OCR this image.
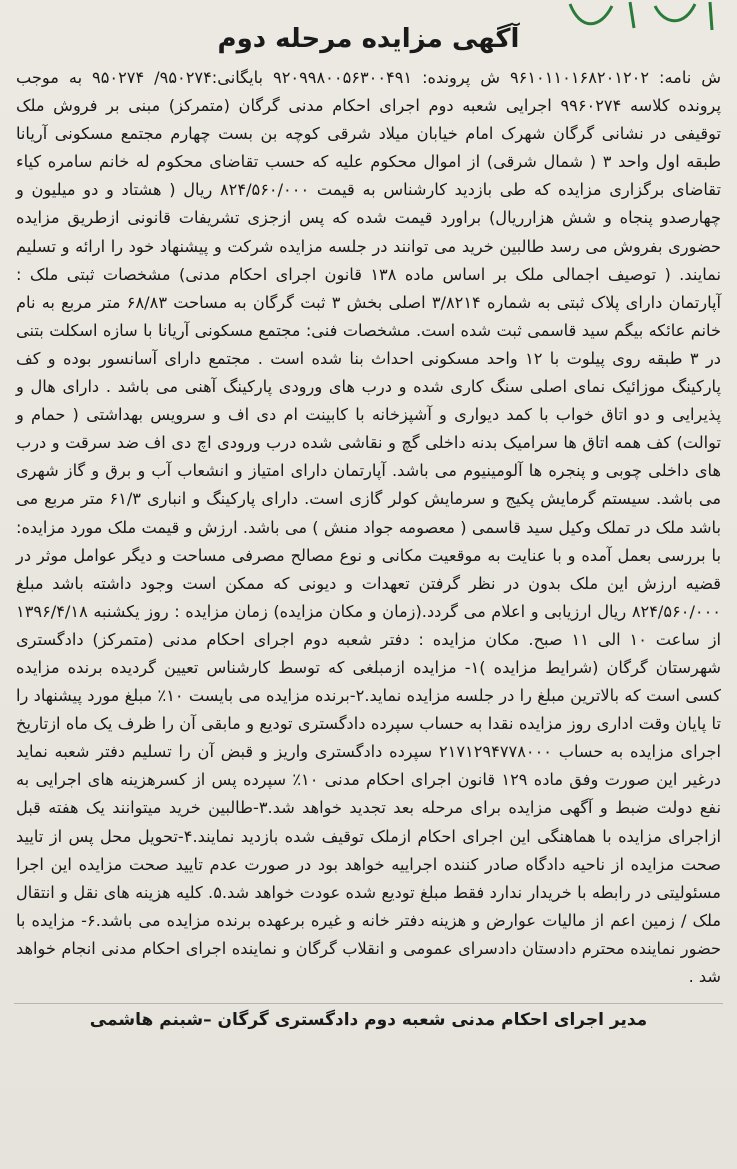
آگهی مزایده مرحله دوم

ش نامه: ۹۶۱۰۱۱۰۱۶۸۲۰۱۲۰۲ ش پرونده: ۹۲۰۹۹۸۰۰۵۶۳۰۰۴۹۱ بایگانی:۹۵۰۲۷۴/ ۹۵۰۲۷۴ به موجب پرونده کلاسه ۹۹۶۰۲۷۴ اجرایی شعبه دوم اجرای احکام مدنی گرگان (متمرکز) مبنی بر فروش ملک توقیفی در نشانی گرگان شهرک امام خیابان میلاد شرقی کوچه بن بست چهارم مجتمع مسکونی آریانا طبقه اول واحد ۳ ( شمال شرقی) از اموال محکوم علیه که حسب تقاضای محکوم له خانم سامره کیاء تقاضای برگزاری مزایده که طی بازدید کارشناس به قیمت ۸۲۴/۵۶۰/۰۰۰ ریال ( هشتاد و دو میلیون و چهارصدو پنجاه و شش هزارریال) براورد قیمت شده که پس ازجزی تشریفات قانونی ازطریق مزایده حضوری بفروش می رسد طالبین خرید می توانند در جلسه مزایده شرکت و پیشنهاد خود را ارائه و تسلیم نمایند. ( توصیف اجمالی ملک بر اساس ماده ۱۳۸ قانون اجرای احکام مدنی) مشخصات ثبتی ملک : آپارتمان دارای پلاک ثبتی به شماره ۳/۸۲۱۴ اصلی بخش ۳ ثبت گرگان به مساحت ۶۸/۸۳ متر مربع به نام خانم عائکه بیگم سید قاسمی ثبت شده است. مشخصات فنی: مجتمع مسکونی آریانا با سازه اسکلت بتنی در ۳ طبقه روی پیلوت با ۱۲ واحد مسکونی احداث بنا شده است . مجتمع دارای آسانسور بوده و کف پارکینگ موزائیک نمای اصلی سنگ کاری شده و درب های ورودی پارکینگ آهنی می باشد . دارای هال و پذیرایی و دو اتاق خواب با کمد دیواری و آشپزخانه با کابینت ام دی اف و سرویس بهداشتی ( حمام و توالت) کف همه اتاق ها سرامیک بدنه داخلی گچ و نقاشی شده درب ورودی اچ دی اف ضد سرقت و درب های داخلی چوبی و پنجره ها آلومینیوم می باشد. آپارتمان دارای امتیاز و انشعاب آب و برق و گاز شهری می باشد. سیستم گرمایش پکیج و سرمایش کولر گازی است. دارای پارکینگ و انباری ۶۱/۳ متر مربع می باشد ملک در تملک وکیل سید قاسمی ( معصومه جواد منش ) می باشد. ارزش و قیمت ملک مورد مزایده: با بررسی بعمل آمده و با عنایت به موقعیت مکانی و نوع مصالح مصرفی مساحت و دیگر عوامل موثر در قضیه ارزش این ملک بدون در نظر گرفتن تعهدات و دیونی که ممکن است وجود داشته باشد مبلغ ۸۲۴/۵۶۰/۰۰۰ ریال ارزیابی و اعلام می گردد.(زمان و مکان مزایده) زمان مزایده : روز یکشنبه ۱۳۹۶/۴/۱۸ از ساعت ۱۰ الی ۱۱ صبح. مکان مزایده : دفتر شعبه دوم اجرای احکام مدنی (متمرکز) دادگستری شهرستان گرگان (شرایط مزایده )۱- مزایده ازمبلغی که توسط کارشناس تعیین گردیده برنده مزایده کسی است که بالاترین مبلغ را در جلسه مزایده نماید.۲-برنده مزایده می بایست ۱۰٪ مبلغ مورد پیشنهاد را تا پایان وقت اداری روز مزایده نقدا به حساب سپرده دادگستری تودیع و مابقی آن را ظرف یک ماه ازتاریخ اجرای مزایده به حساب ۲۱۷۱۲۹۴۷۷۸۰۰۰ سپرده دادگستری واریز و قبض آن را تسلیم دفتر شعبه نماید درغیر این صورت وفق ماده ۱۲۹ قانون اجرای احکام مدنی ۱۰٪ سپرده پس از کسرهزینه های اجرایی به نفع دولت ضبط و آگهی مزایده برای مرحله بعد تجدید خواهد شد.۳-طالبین خرید میتوانند یک هفته قبل ازاجرای مزایده با هماهنگی این اجرای احکام ازملک توقیف شده بازدید نمایند.۴-تحویل محل پس از تایید صحت مزایده از ناحیه دادگاه صادر کننده اجراییه خواهد بود در صورت عدم تایید صحت مزایده این اجرا مسئولیتی در رابطه با خریدار ندارد فقط مبلغ تودیع شده عودت خواهد شد.۵. کلیه هزینه های نقل و انتقال ملک / زمین اعم از مالیات عوارض و هزینه دفتر خانه و غیره برعهده برنده مزایده می باشد.۶- مزایده با حضور نماینده محترم دادستان دادسرای عمومی و انقلاب گرگان و نماینده اجرای احکام مدنی انجام خواهد شد .

مدیر اجرای احکام مدنی شعبه دوم دادگستری گرگان –شبنم هاشمی
